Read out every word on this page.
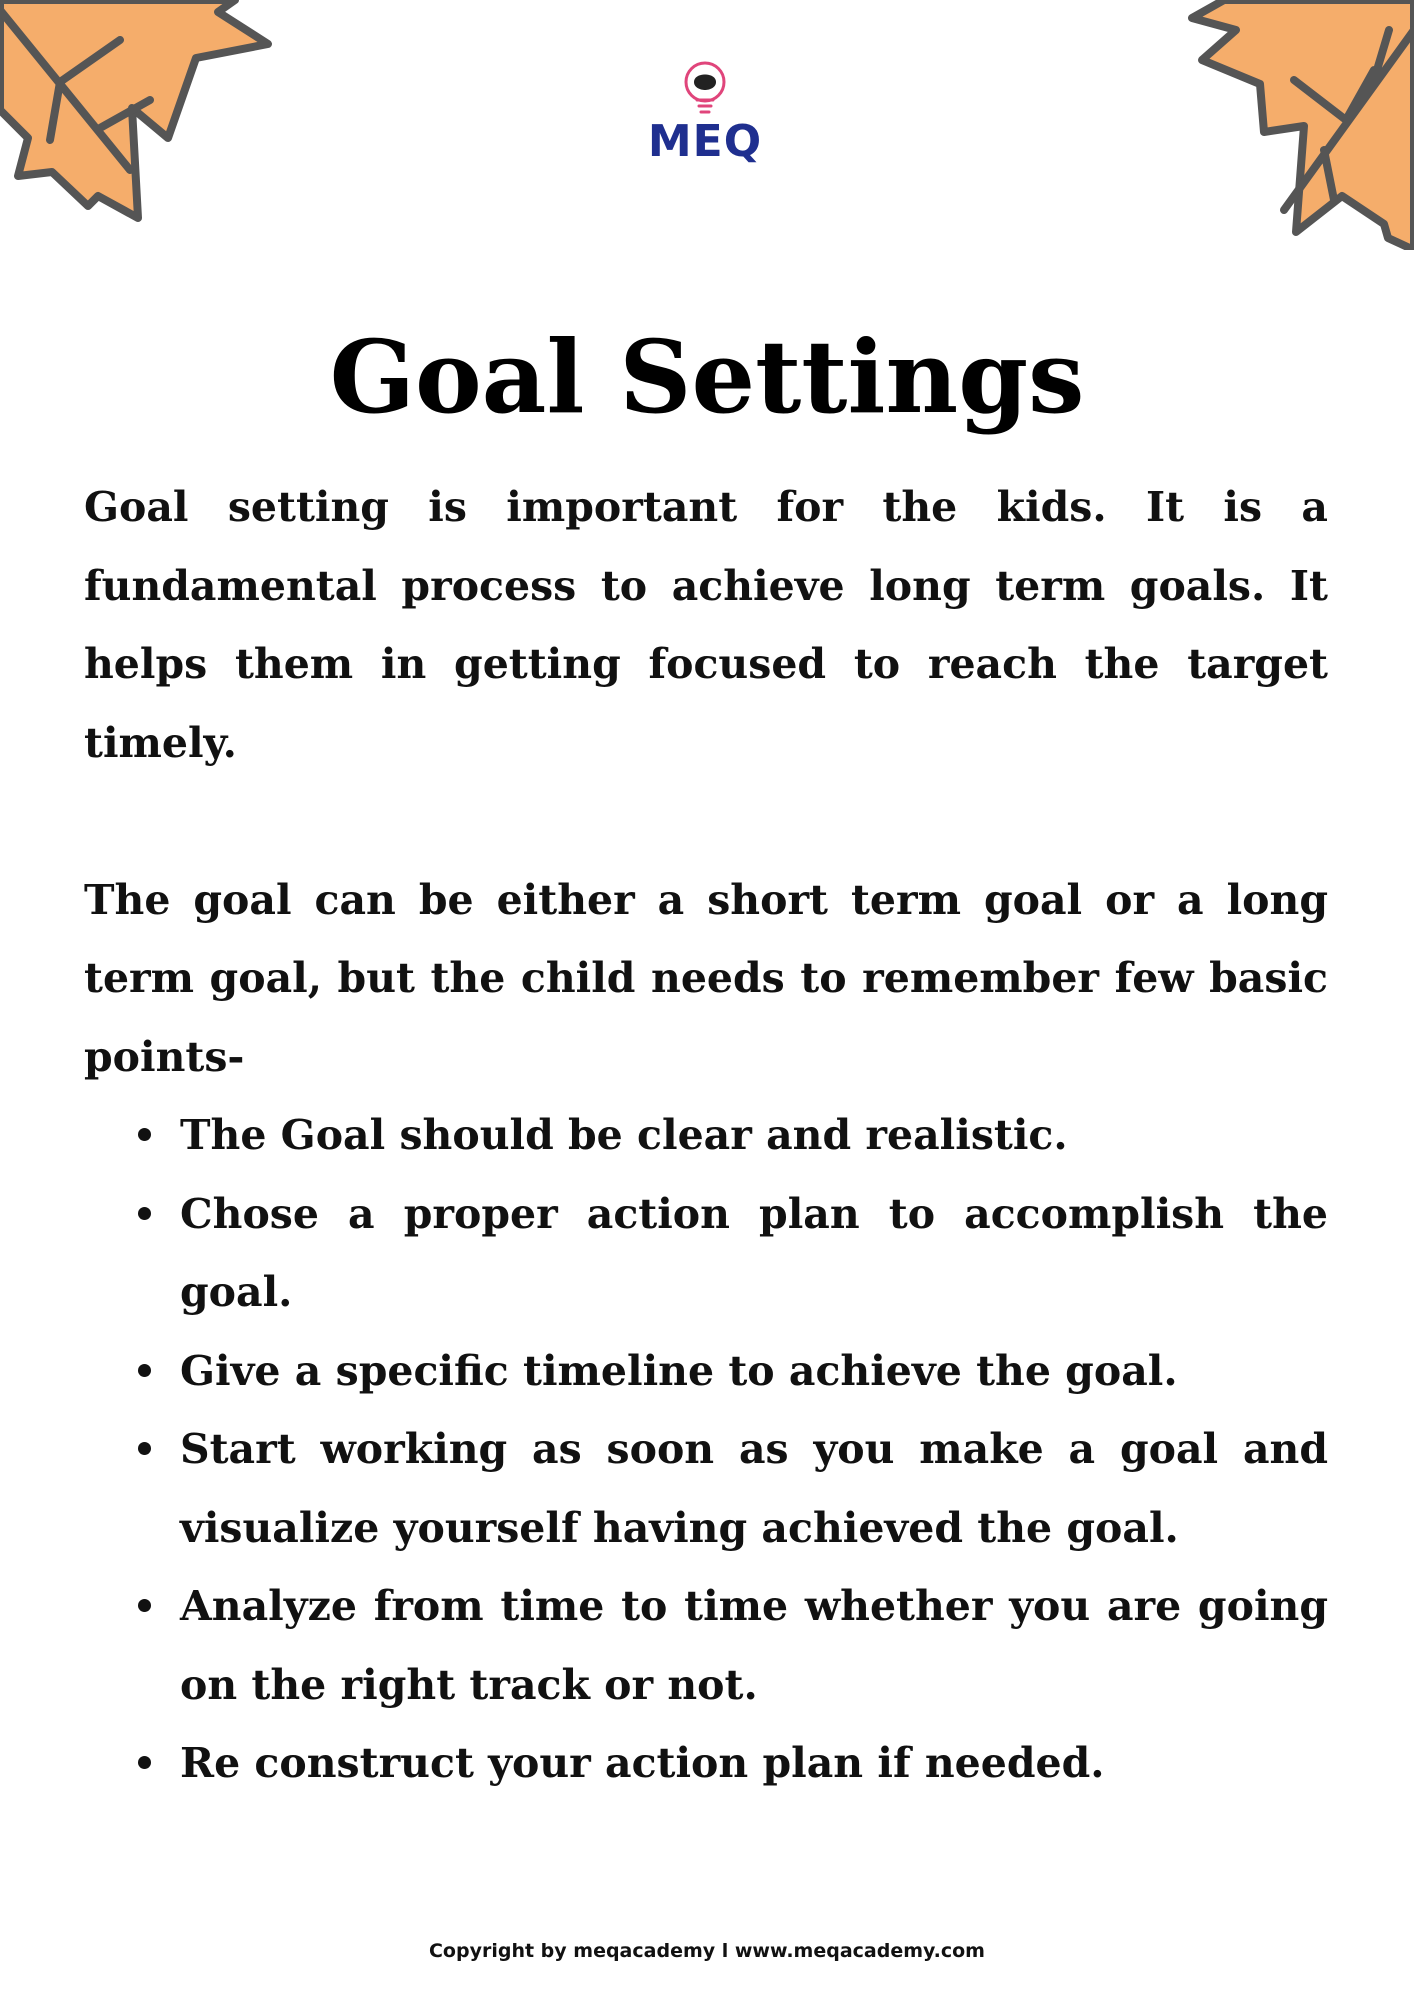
MEQ
Goal Settings

Goal setting is important for the kids. It is a fundamental process to achieve long term goals. It helps them in getting focused to reach the target timely.

The goal can be either a short term goal or a long term goal, but the child needs to remember few basic points-

The Goal should be clear and realistic.
Chose a proper action plan to accomplish the goal.
Give a specific timeline to achieve the goal.
Start working as soon as you make a goal and visualize yourself having achieved the goal.
Analyze from time to time whether you are going on the right track or not.
Re construct your action plan if needed.
Copyright by meqacademy l www.meqacademy.com
